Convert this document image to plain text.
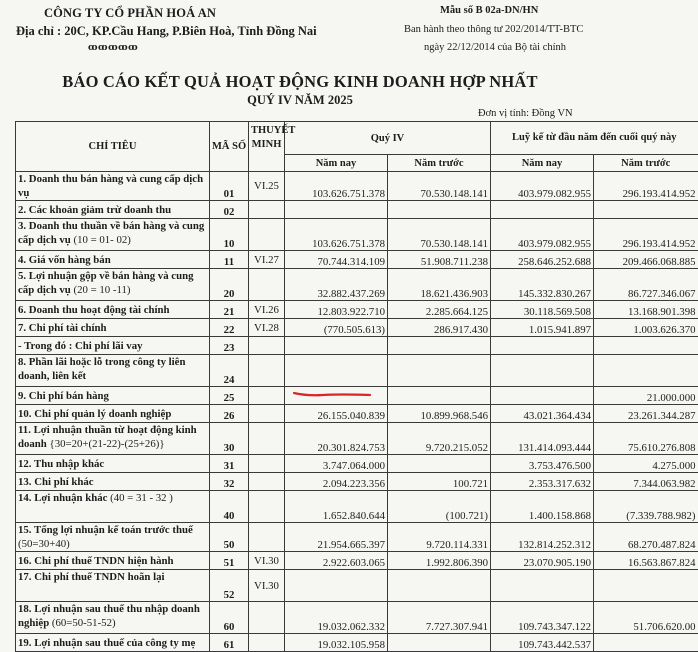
CÔNG TY CỔ PHẦN HOÁ AN
Địa chỉ : 20C, KP.Cầu Hang, P.Biên Hoà, Tỉnh Đồng Nai
ꝏꝏꝏꝏꝏ
Mẫu số B 02a-DN/HN
Ban hành theo thông tư 202/2014/TT-BTC
ngày 22/12/2014 của Bộ tài chính
BÁO CÁO KẾT QUẢ HOẠT ĐỘNG KINH DOANH HỢP NHẤT
QUÝ IV NĂM 2025
Đơn vị tính: Đồng VN
CHỈ TIÊU	MÃ SỐ	THUYẾT MINH	Quý IV		Luỹ kế từ đầu năm đến cuối quý này	
			Năm nay	Năm trước	Năm nay	Năm trước
1. Doanh thu bán hàng và cung cấp dịch vụ	01	VI.25	103.626.751.378	70.530.148.141	403.979.082.955	296.193.414.952
2. Các khoản giảm trừ doanh thu	02					
3. Doanh thu thuần về bán hàng và cung cấp dịch vụ (10 = 01- 02)	10		103.626.751.378	70.530.148.141	403.979.082.955	296.193.414.952
4. Giá vốn hàng bán	11	VI.27	70.744.314.109	51.908.711.238	258.646.252.688	209.466.068.885
5. Lợi nhuận gộp về bán hàng và cung cấp dịch vụ (20 = 10 -11)	20		32.882.437.269	18.621.436.903	145.332.830.267	86.727.346.067
6. Doanh thu hoạt động tài chính	21	VI.26	12.803.922.710	2.285.664.125	30.118.569.508	13.168.901.398
7. Chi phí tài chính	22	VI.28	(770.505.613)	286.917.430	1.015.941.897	1.003.626.370
- Trong đó : Chi phí lãi vay	23					
8. Phần lãi hoặc lỗ trong công ty liên doanh, liên kết	24					
9. Chi phí bán hàng	25					21.000.000
10. Chi phí quản lý doanh nghiệp	26		26.155.040.839	10.899.968.546	43.021.364.434	23.261.344.287
11. Lợi nhuận thuần từ hoạt động kinh doanh {30=20+(21-22)-(25+26)}	30		20.301.824.753	9.720.215.052	131.414.093.444	75.610.276.808
12. Thu nhập khác	31		3.747.064.000		3.753.476.500	4.275.000
13. Chi phí khác	32		2.094.223.356	100.721	2.353.317.632	7.344.063.982
14. Lợi nhuận khác (40 = 31 - 32 )	40		1.652.840.644	(100.721)	1.400.158.868	(7.339.788.982)
15. Tổng lợi nhuận kế toán trước thuế (50=30+40)	50		21.954.665.397	9.720.114.331	132.814.252.312	68.270.487.824
16. Chi phí thuế TNDN hiện hành	51	VI.30	2.922.603.065	1.992.806.390	23.070.905.190	16.563.867.824
17. Chi phí thuế TNDN hoãn lại	52	VI.30				
18. Lợi nhuận sau thuế thu nhập doanh nghiệp (60=50-51-52)	60		19.032.062.332	7.727.307.941	109.743.347.122	51.706.620.00
19. Lợi nhuận sau thuế của công ty mẹ	61		19.032.105.958		109.743.442.537	
